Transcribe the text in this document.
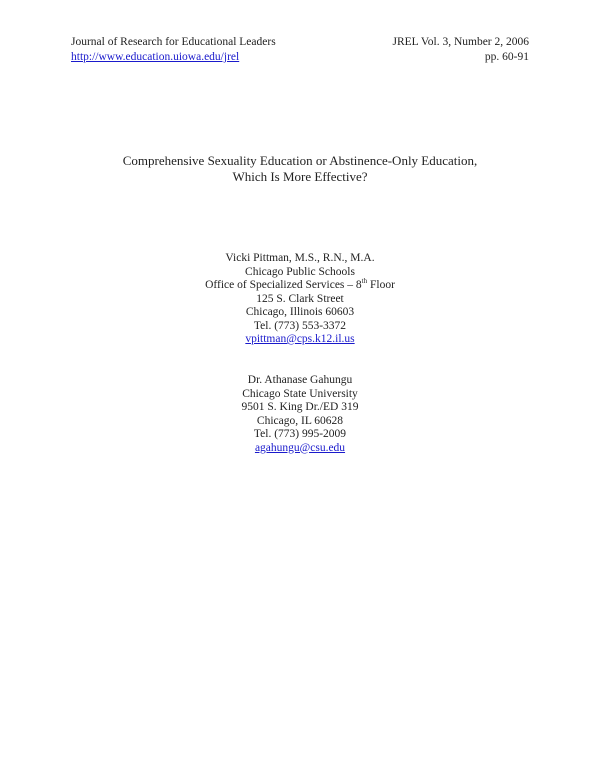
Journal of Research for Educational Leaders
http://www.education.uiowa.edu/jrel
JREL Vol. 3, Number 2, 2006
pp. 60-91
Comprehensive Sexuality Education or Abstinence-Only Education,
Which Is More Effective?
Vicki Pittman, M.S., R.N., M.A.
Chicago Public Schools
Office of Specialized Services – 8th Floor
125 S. Clark Street
Chicago, Illinois 60603
Tel. (773) 553-3372
vpittman@cps.k12.il.us
Dr. Athanase Gahungu
Chicago State University
9501 S. King Dr./ED 319
Chicago, IL 60628
Tel. (773) 995-2009
agahungu@csu.edu
